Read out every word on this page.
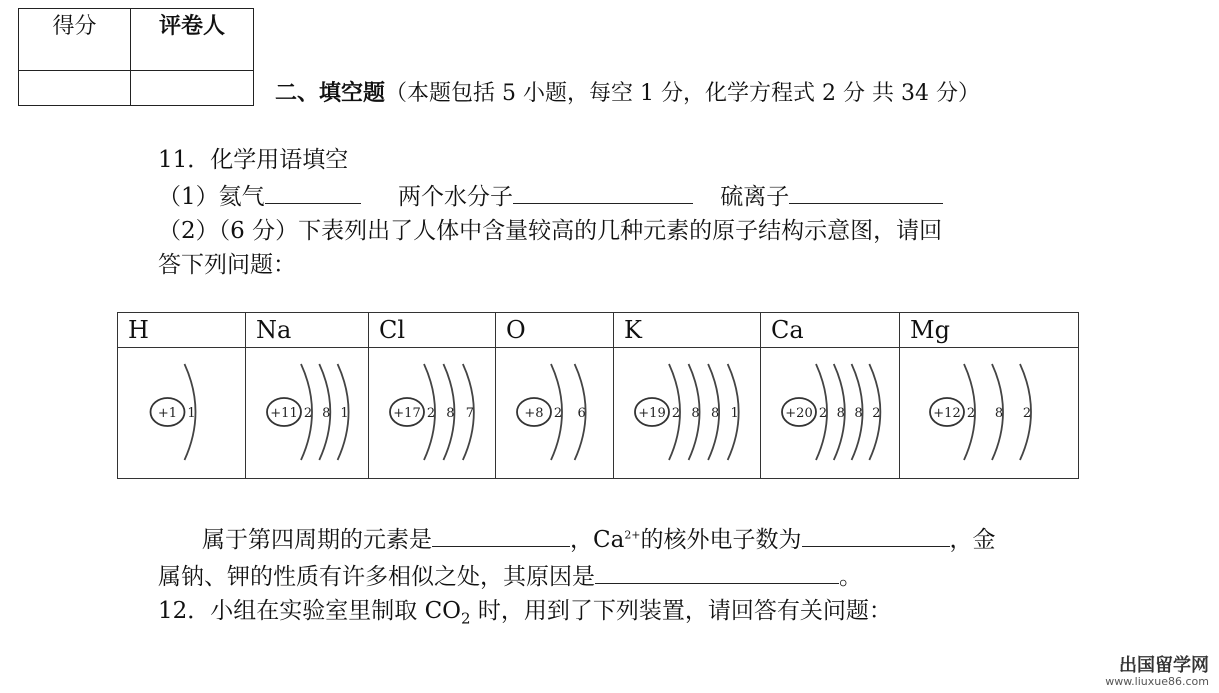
得分	评卷人

二、填空题（本题包括 5 小题，每空 1 分，化学方程式 2 分 共 34 分）
11．化学用语填空
（1）氦气	两个水分子	硫离子
（2）（6 分）下表列出了人体中含量较高的几种元素的原子结构示意图，请回
答下列问题：
H	Na	Cl	O	K	Ca	Mg

+1 1	+11 2 8 1	+17 2 8 7	+8 2 6	+19 2 8 8 1	+20 2 8 8 2	+12 2 8 2
属于第四周期的元素是	，$Ca^{2+}$的核外电子数为	，金
属钠、钾的性质有许多相似之处，其原因是	。
12．小组在实验室里制取 $CO_2$ 时，用到了下列装置，请回答有关问题：
出国留学网
www.liuxue86.com
